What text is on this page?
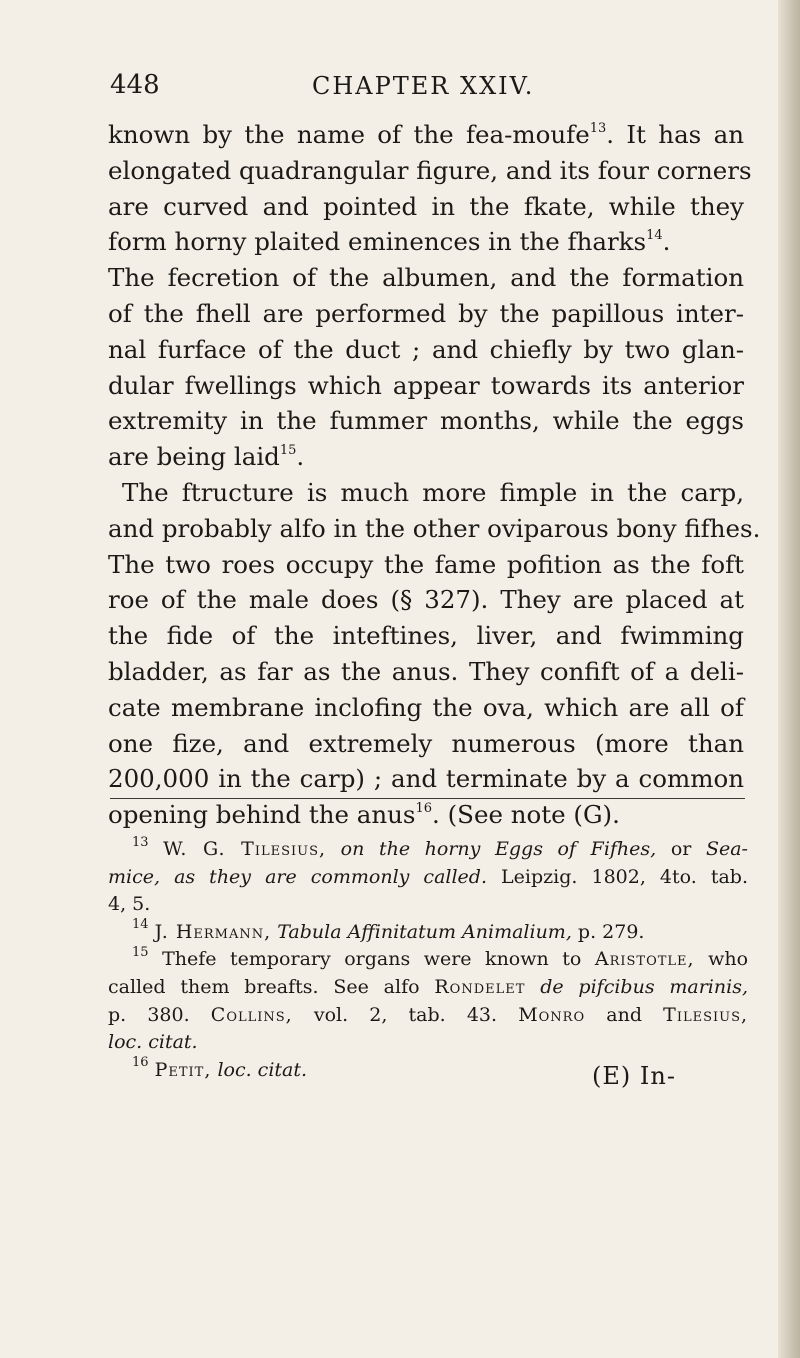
448	CHAPTER XXIV.
known by the name of the fea-moufe$^{13}$. It has an
elongated quadrangular figure, and its four corners
are curved and pointed in the fkate, while they
form horny plaited eminences in the fharks$^{14}$.
The fecretion of the albumen, and the formation
of the fhell are performed by the papillous inter-
nal furface of the duct ; and chiefly by two glan-
dular fwellings which appear towards its anterior
extremity in the fummer months, while the eggs
are being laid$^{15}$.
The ftructure is much more fimple in the carp,
and probably alfo in the other oviparous bony fifhes.
The two roes occupy the fame pofition as the foft
roe of the male does (§ 327). They are placed at
the fide of the inteftines, liver, and fwimming
bladder, as far as the anus. They confift of a deli-
cate membrane inclofing the ova, which are all of
one fize, and extremely numerous (more than
200,000 in the carp) ; and terminate by a common
opening behind the anus$^{16}$. (See note (G).
$^{13}$ W. G. Tilesius, on the horny Eggs of Fifhes, or Sea-
mice, as they are commonly called. Leipzig. 1802, 4to. tab.
4, 5.
$^{14}$ J. Hermann, Tabula Affinitatum Animalium, p. 279.
$^{15}$ Thefe temporary organs were known to Aristotle, who
called them breafts. See alfo Rondelet de pifcibus marinis,
p. 380. Collins, vol. 2, tab. 43. Monro and Tilesius,
loc. citat.
$^{16}$ Petit, loc. citat.	(E) In-
